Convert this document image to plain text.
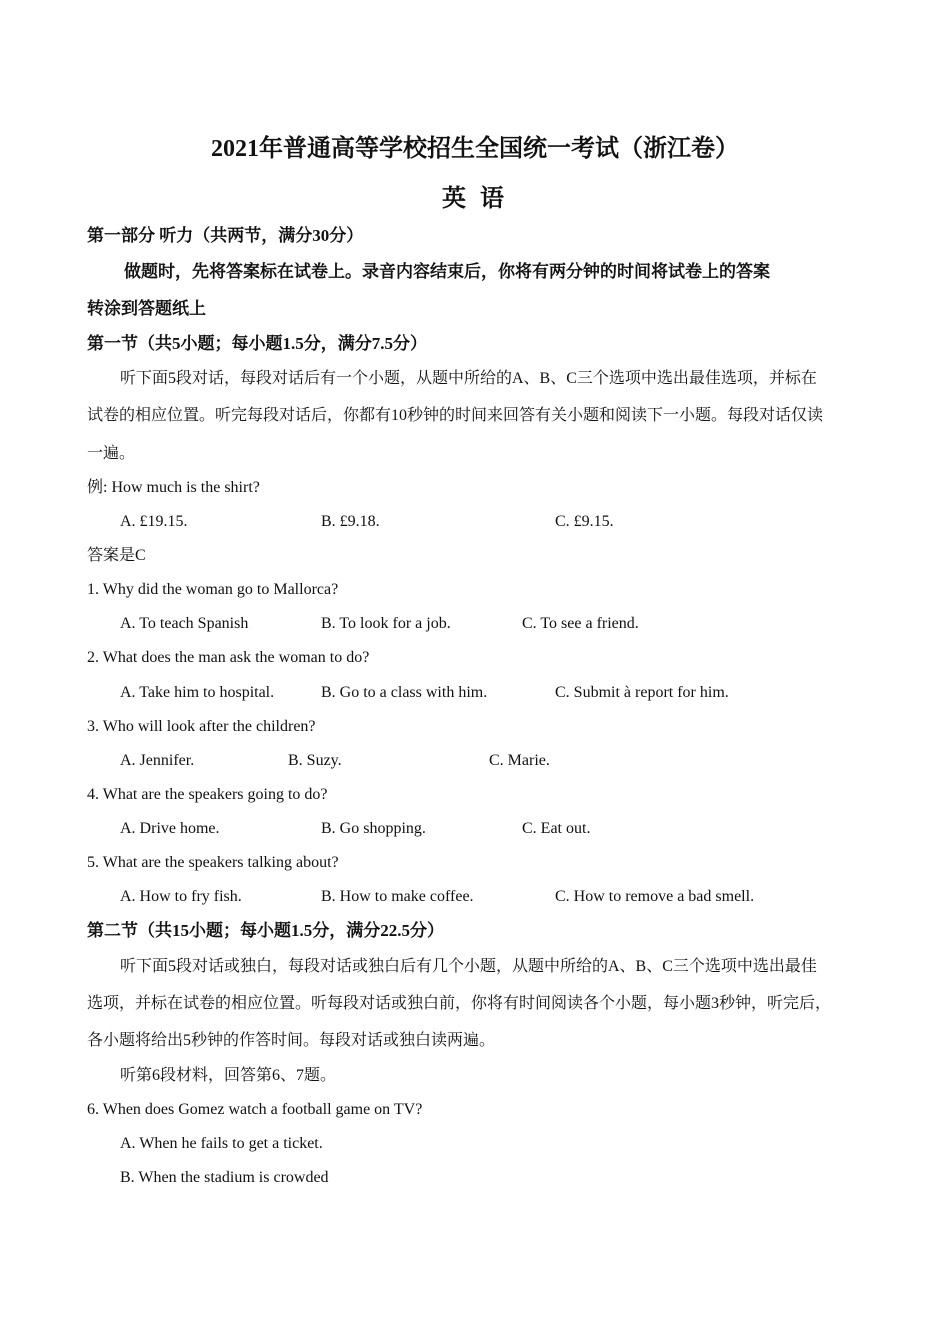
2021年普通高等学校招生全国统一考试（浙江卷）
英 语
第一部分 听力（共两节，满分30分）
做题时，先将答案标在试卷上。录音内容结束后，你将有两分钟的时间将试卷上的答案
转涂到答题纸上
第一节（共5小题；每小题1.5分，满分7.5分）
听下面5段对话，每段对话后有一个小题，从题中所给的A、B、C三个选项中选出最佳选项，并标在
试卷的相应位置。听完每段对话后，你都有10秒钟的时间来回答有关小题和阅读下一小题。每段对话仅读
一遍。
例: How much is the shirt?
A. £19.15.	B. £9.18.	C. £9.15.
答案是C
1. Why did the woman go to Mallorca?
A. To teach Spanish	B. To look for a job.	C. To see a friend.
2. What does the man ask the woman to do?
A. Take him to hospital.	B. Go to a class with him.	C. Submit à report for him.
3. Who will look after the children?
A. Jennifer.	B. Suzy.	C. Marie.
4. What are the speakers going to do?
A. Drive home.	B. Go shopping.	C. Eat out.
5. What are the speakers talking about?
A. How to fry fish.	B. How to make coffee.	C. How to remove a bad smell.
第二节（共15小题；每小题1.5分，满分22.5分）
听下面5段对话或独白，每段对话或独白后有几个小题，从题中所给的A、B、C三个选项中选出最佳
选项，并标在试卷的相应位置。听每段对话或独白前，你将有时间阅读各个小题，每小题3秒钟，听完后，
各小题将给出5秒钟的作答时间。每段对话或独白读两遍。
听第6段材料，回答第6、7题。
6. When does Gomez watch a football game on TV?
A. When he fails to get a ticket.
B. When the stadium is crowded
